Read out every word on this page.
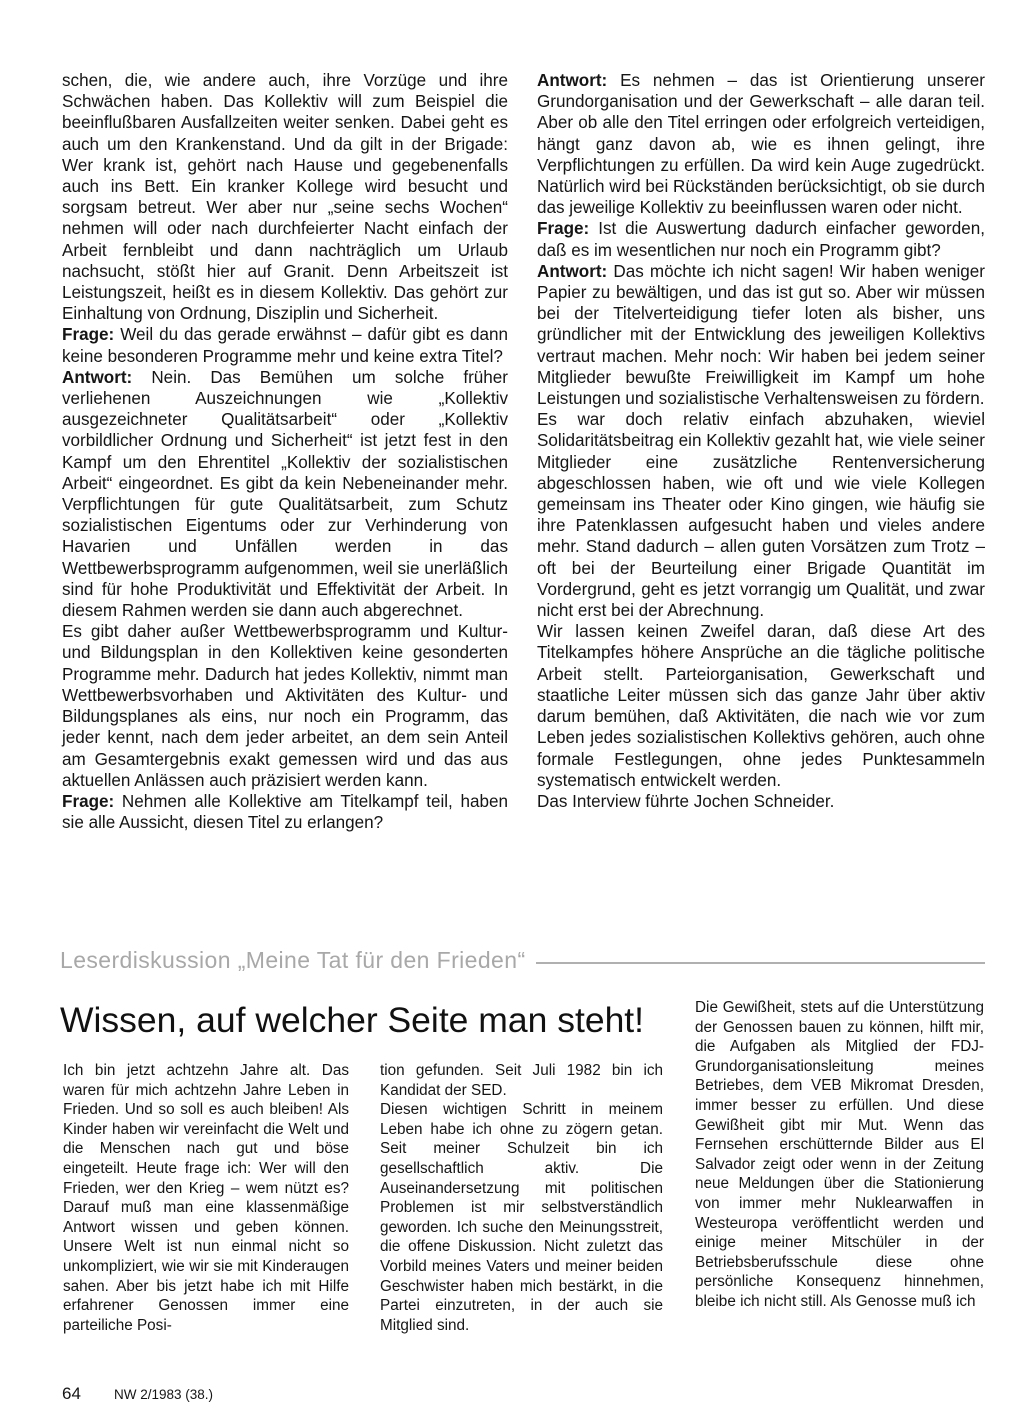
schen, die, wie andere auch, ihre Vorzüge und ihre Schwächen haben. Das Kollektiv will zum Beispiel die beeinflußbaren Ausfallzeiten weiter senken. Dabei geht es auch um den Krankenstand. Und da gilt in der Brigade: Wer krank ist, gehört nach Hause und gegebenenfalls auch ins Bett. Ein kranker Kollege wird besucht und sorgsam betreut. Wer aber nur „seine sechs Wochen“ nehmen will oder nach durchfeierter Nacht einfach der Arbeit fernbleibt und dann nachträglich um Urlaub nachsucht, stößt hier auf Granit. Denn Arbeitszeit ist Leistungszeit, heißt es in diesem Kollektiv. Das gehört zur Einhaltung von Ordnung, Disziplin und Sicherheit.

Frage: Weil du das gerade erwähnst – dafür gibt es dann keine besonderen Programme mehr und keine extra Titel?

Antwort: Nein. Das Bemühen um solche früher verliehenen Auszeichnungen wie „Kollektiv ausgezeichneter Qualitätsarbeit“ oder „Kollektiv vorbildlicher Ordnung und Sicherheit“ ist jetzt fest in den Kampf um den Ehrentitel „Kollektiv der sozialistischen Arbeit“ eingeordnet. Es gibt da kein Nebeneinander mehr. Verpflichtungen für gute Qualitätsarbeit, zum Schutz sozialistischen Eigentums oder zur Verhinderung von Havarien und Unfällen werden in das Wettbewerbsprogramm aufgenommen, weil sie unerläßlich sind für hohe Produktivität und Effektivität der Arbeit. In diesem Rahmen werden sie dann auch abgerechnet.

Es gibt daher außer Wettbewerbsprogramm und Kultur- und Bildungsplan in den Kollektiven keine gesonderten Programme mehr. Dadurch hat jedes Kollektiv, nimmt man Wettbewerbsvorhaben und Aktivitäten des Kultur- und Bildungsplanes als eins, nur noch ein Programm, das jeder kennt, nach dem jeder arbeitet, an dem sein Anteil am Gesamtergebnis exakt gemessen wird und das aus aktuellen Anlässen auch präzisiert werden kann.

Frage: Nehmen alle Kollektive am Titelkampf teil, haben sie alle Aussicht, diesen Titel zu erlangen?

Antwort: Es nehmen – das ist Orientierung unserer Grundorganisation und der Gewerkschaft – alle daran teil. Aber ob alle den Titel erringen oder erfolgreich verteidigen, hängt ganz davon ab, wie es ihnen gelingt, ihre Verpflichtungen zu erfüllen. Da wird kein Auge zugedrückt. Natürlich wird bei Rückständen berücksichtigt, ob sie durch das jeweilige Kollektiv zu beeinflussen waren oder nicht.

Frage: Ist die Auswertung dadurch einfacher geworden, daß es im wesentlichen nur noch ein Programm gibt?

Antwort: Das möchte ich nicht sagen! Wir haben weniger Papier zu bewältigen, und das ist gut so. Aber wir müssen bei der Titelverteidigung tiefer loten als bisher, uns gründlicher mit der Entwicklung des jeweiligen Kollektivs vertraut machen. Mehr noch: Wir haben bei jedem seiner Mitglieder bewußte Freiwilligkeit im Kampf um hohe Leistungen und sozialistische Verhaltensweisen zu fördern.

Es war doch relativ einfach abzuhaken, wieviel Solidaritätsbeitrag ein Kollektiv gezahlt hat, wie viele seiner Mitglieder eine zusätzliche Rentenversicherung abgeschlossen haben, wie oft und wie viele Kollegen gemeinsam ins Theater oder Kino gingen, wie häufig sie ihre Patenklassen aufgesucht haben und vieles andere mehr. Stand dadurch – allen guten Vorsätzen zum Trotz – oft bei der Beurteilung einer Brigade Quantität im Vordergrund, geht es jetzt vorrangig um Qualität, und zwar nicht erst bei der Abrechnung.

Wir lassen keinen Zweifel daran, daß diese Art des Titelkampfes höhere Ansprüche an die tägliche politische Arbeit stellt. Parteiorganisation, Gewerkschaft und staatliche Leiter müssen sich das ganze Jahr über aktiv darum bemühen, daß Aktivitäten, die nach wie vor zum Leben jedes sozialistischen Kollektivs gehören, auch ohne formale Festlegungen, ohne jedes Punktesammeln systematisch entwickelt werden.

Das Interview führte Jochen Schneider.

Leserdiskussion „Meine Tat für den Frieden“
Wissen, auf welcher Seite man steht!

Ich bin jetzt achtzehn Jahre alt. Das waren für mich achtzehn Jahre Leben in Frieden. Und so soll es auch bleiben! Als Kinder haben wir vereinfacht die Welt und die Menschen nach gut und böse eingeteilt. Heute frage ich: Wer will den Frieden, wer den Krieg – wem nützt es? Darauf muß man eine klassenmäßige Antwort wissen und geben können. Unsere Welt ist nun einmal nicht so unkompliziert, wie wir sie mit Kinderaugen sahen. Aber bis jetzt habe ich mit Hilfe erfahrener Genossen immer eine parteiliche Posi-

tion gefunden. Seit Juli 1982 bin ich Kandidat der SED.

Diesen wichtigen Schritt in meinem Leben habe ich ohne zu zögern getan. Seit meiner Schulzeit bin ich gesellschaftlich aktiv. Die Auseinandersetzung mit politischen Problemen ist mir selbstverständlich geworden. Ich suche den Meinungsstreit, die offene Diskussion. Nicht zuletzt das Vorbild meines Vaters und meiner beiden Geschwister haben mich bestärkt, in die Partei einzutreten, in der auch sie Mitglied sind.

Die Gewißheit, stets auf die Unterstützung der Genossen bauen zu können, hilft mir, die Aufgaben als Mitglied der FDJ-Grundorganisationsleitung meines Betriebes, dem VEB Mikromat Dresden, immer besser zu erfüllen. Und diese Gewißheit gibt mir Mut. Wenn das Fernsehen erschütternde Bilder aus El Salvador zeigt oder wenn in der Zeitung neue Meldungen über die Stationierung von immer mehr Nuklearwaffen in Westeuropa veröffentlicht werden und einige meiner Mitschüler in der Betriebsberufsschule diese ohne persönliche Konsequenz hinnehmen, bleibe ich nicht still. Als Genosse muß ich

64	NW 2/1983 (38.)
